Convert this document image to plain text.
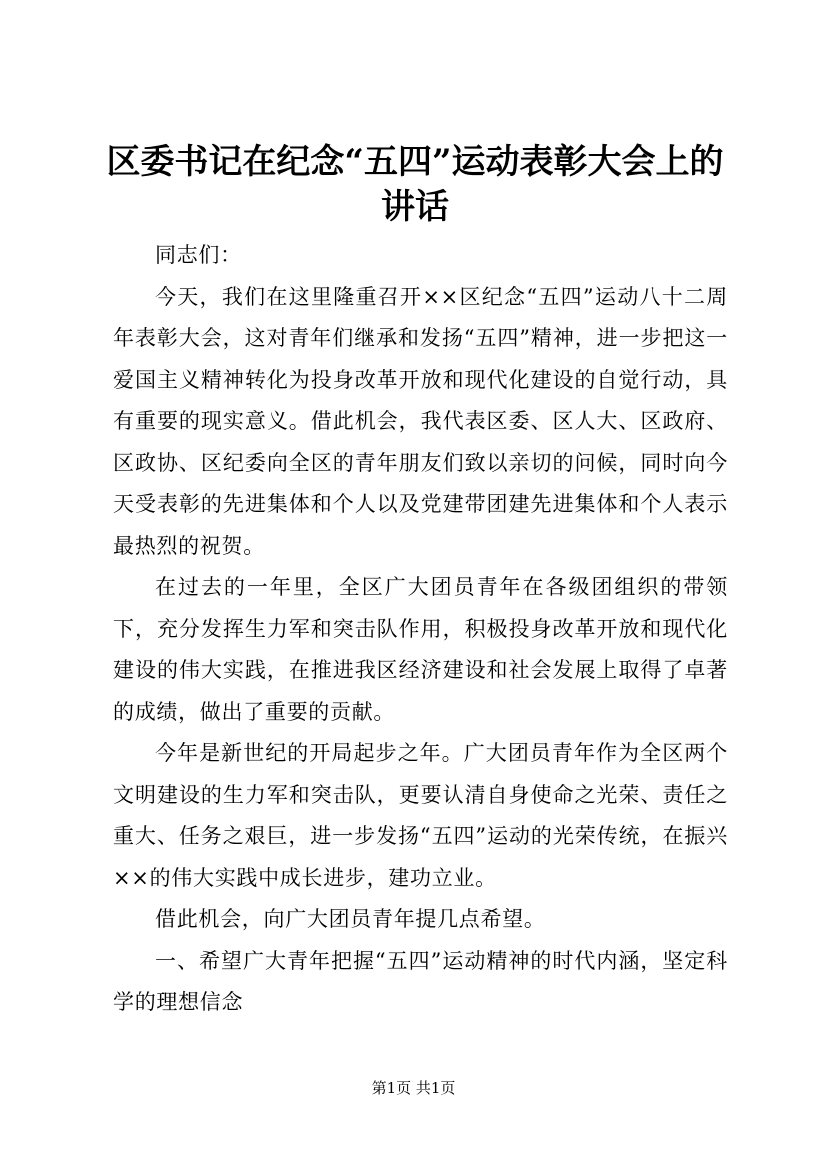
区委书记在纪念“五四”运动表彰大会上的讲话

同志们：

今天，我们在这里隆重召开××区纪念“五四”运动八十二周年表彰大会，这对青年们继承和发扬“五四”精神，进一步把这一爱国主义精神转化为投身改革开放和现代化建设的自觉行动，具有重要的现实意义。借此机会，我代表区委、区人大、区政府、区政协、区纪委向全区的青年朋友们致以亲切的问候，同时向今天受表彰的先进集体和个人以及党建带团建先进集体和个人表示最热烈的祝贺。

在过去的一年里，全区广大团员青年在各级团组织的带领下，充分发挥生力军和突击队作用，积极投身改革开放和现代化建设的伟大实践，在推进我区经济建设和社会发展上取得了卓著的成绩，做出了重要的贡献。

今年是新世纪的开局起步之年。广大团员青年作为全区两个文明建设的生力军和突击队，更要认清自身使命之光荣、责任之重大、任务之艰巨，进一步发扬“五四”运动的光荣传统，在振兴××的伟大实践中成长进步，建功立业。

借此机会，向广大团员青年提几点希望。

一、希望广大青年把握“五四”运动精神的时代内涵，坚定科学的理想信念

第1页 共1页
